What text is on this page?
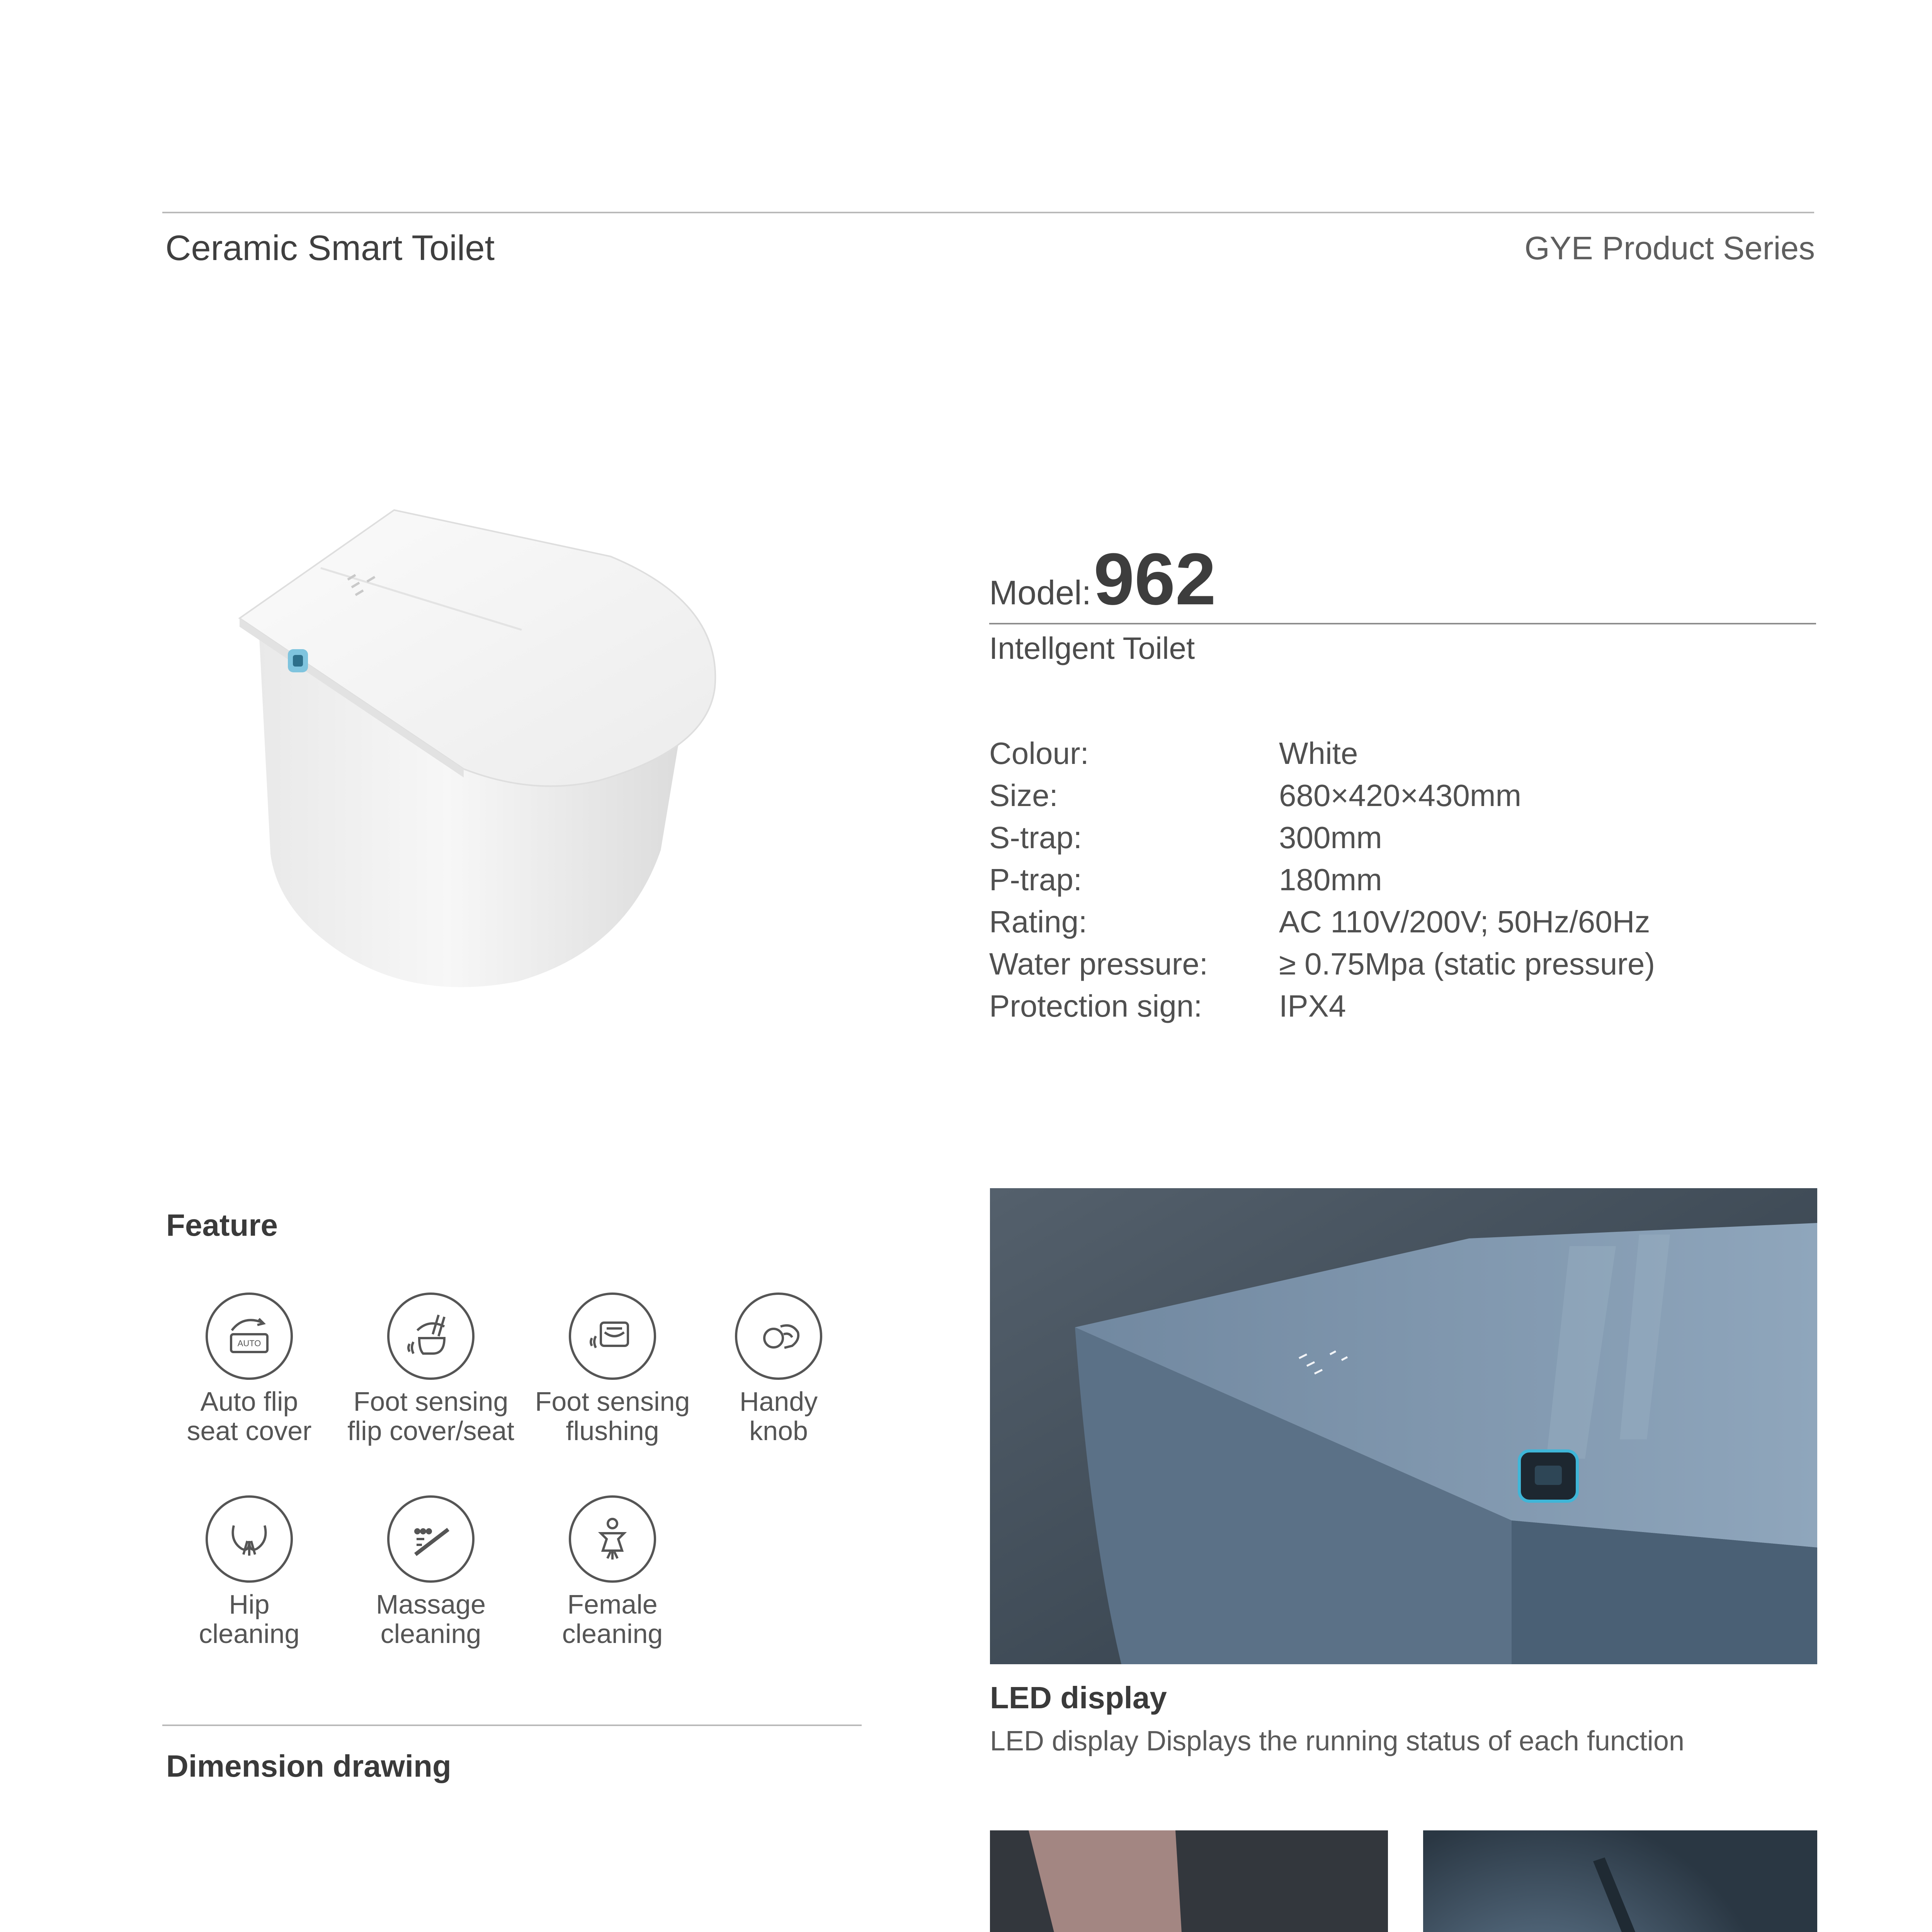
Ceramic Smart Toilet	GYE Product Series
Model: 962
Intellgent Toilet
Colour:	White
Size:	680×420×430mm
S-trap:	300mm
P-trap:	180mm
Rating:	AC 110V/200V; 50Hz/60Hz
Water pressure:	≥ 0.75Mpa (static pressure)
Protection sign:	IPX4
Feature
AUTO
Auto flip
seat cover
Foot sensing
flip cover/seat
Foot sensing
flushing
Handy
knob
Hip
cleaning
Massage
cleaning
Female
cleaning
Dimension drawing
LED display
LED display Displays the running status of each function
